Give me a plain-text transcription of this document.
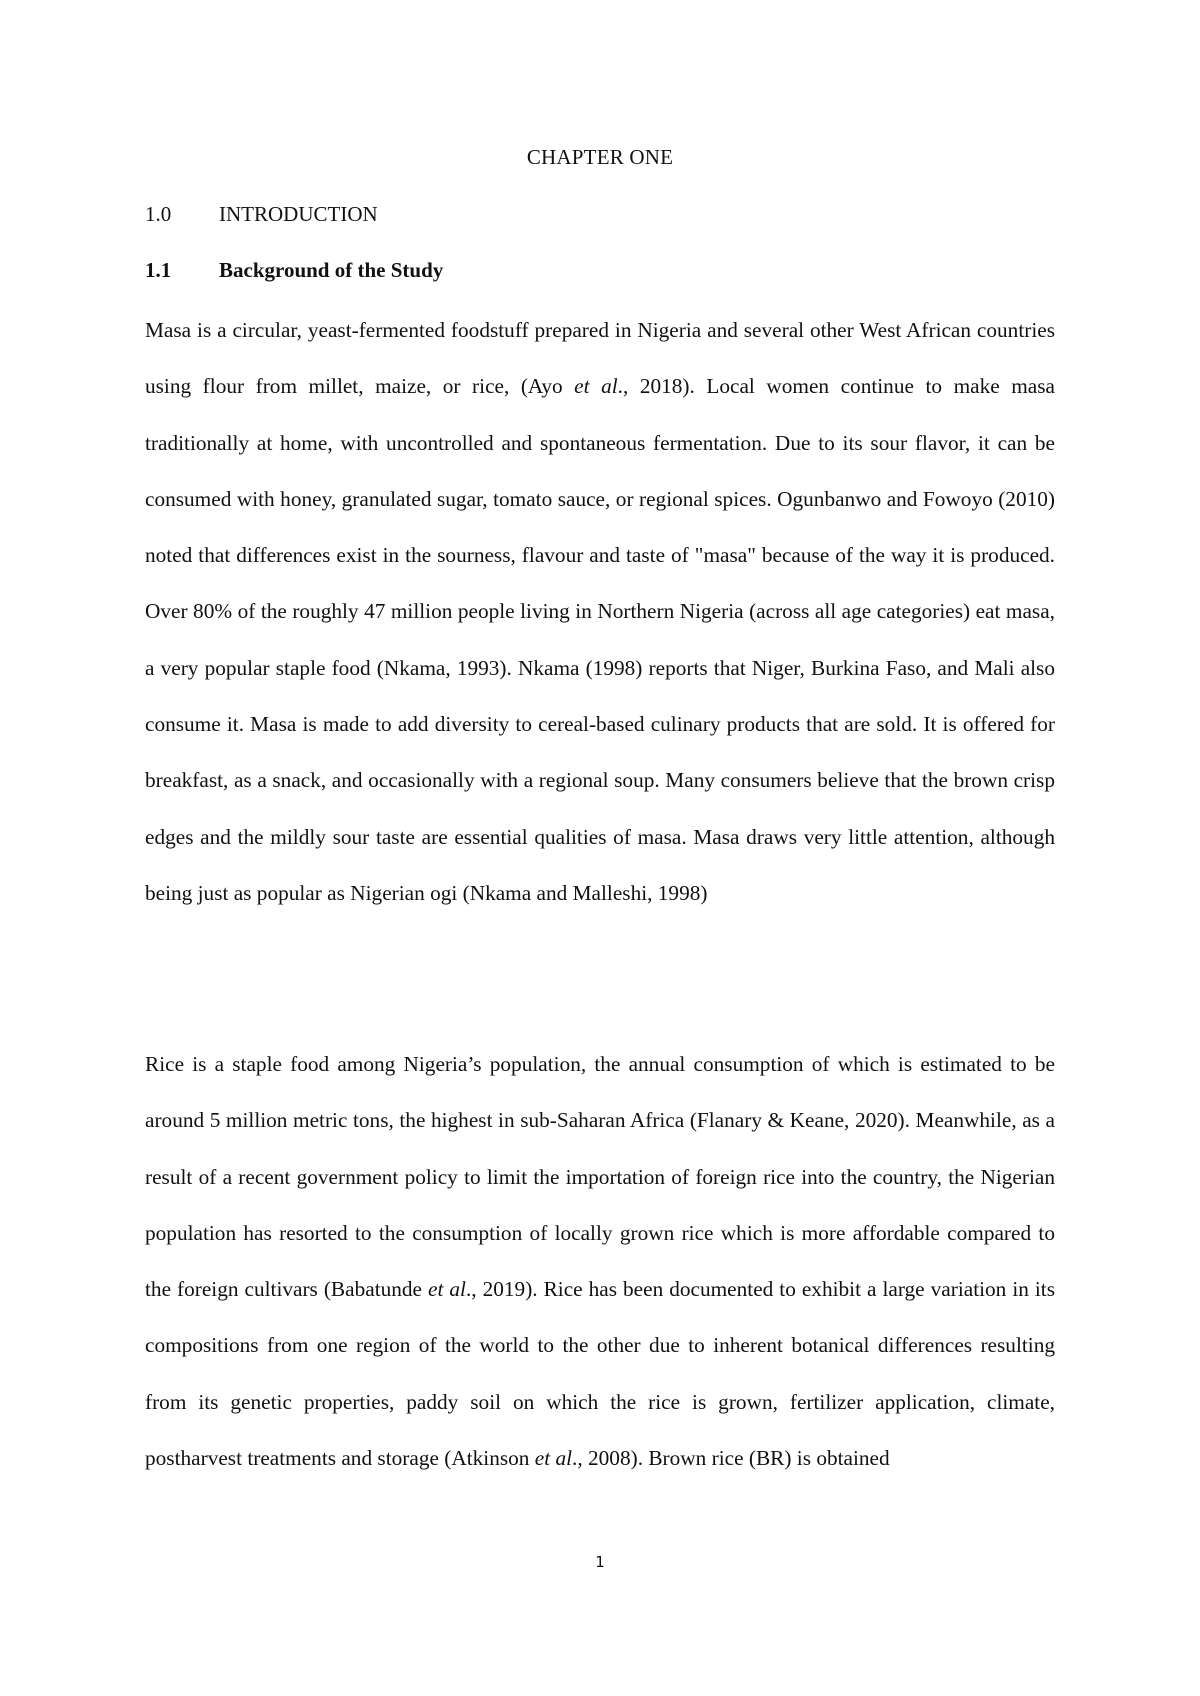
CHAPTER ONE
1.0 INTRODUCTION
1.1 Background of the Study

Masa is a circular, yeast-fermented foodstuff prepared in Nigeria and several other West African countries using flour from millet, maize, or rice, (Ayo et al., 2018). Local women continue to make masa traditionally at home, with uncontrolled and spontaneous fermentation. Due to its sour flavor, it can be consumed with honey, granulated sugar, tomato sauce, or regional spices. Ogunbanwo and Fowoyo (2010) noted that differences exist in the sourness, flavour and taste of "masa" because of the way it is produced. Over 80% of the roughly 47 million people living in Northern Nigeria (across all age categories) eat masa, a very popular staple food (Nkama, 1993). Nkama (1998) reports that Niger, Burkina Faso, and Mali also consume it. Masa is made to add diversity to cereal-based culinary products that are sold. It is offered for breakfast, as a snack, and occasionally with a regional soup. Many consumers believe that the brown crisp edges and the mildly sour taste are essential qualities of masa. Masa draws very little attention, although being just as popular as Nigerian ogi (Nkama and Malleshi, 1998)

Rice is a staple food among Nigeria’s population, the annual consumption of which is estimated to be around 5 million metric tons, the highest in sub-Saharan Africa (Flanary & Keane, 2020). Meanwhile, as a result of a recent government policy to limit the importation of foreign rice into the country, the Nigerian population has resorted to the consumption of locally grown rice which is more affordable compared to the foreign cultivars (Babatunde et al., 2019). Rice has been documented to exhibit a large variation in its compositions from one region of the world to the other due to inherent botanical differences resulting from its genetic properties, paddy soil on which the rice is grown, fertilizer application, climate, postharvest treatments and storage (Atkinson et al., 2008). Brown rice (BR) is obtained

1
